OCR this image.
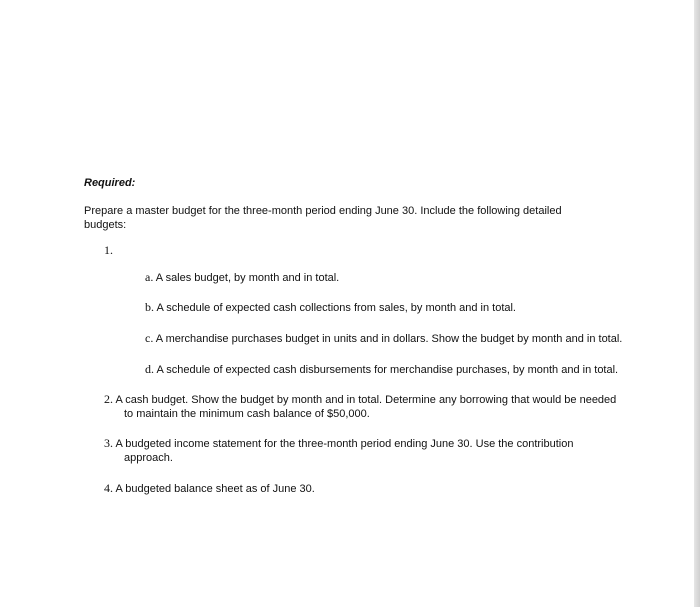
Required:

Prepare a master budget for the three-month period ending June 30. Include the following detailed budgets:

1.
a. A sales budget, by month and in total.
b. A schedule of expected cash collections from sales, by month and in total.
c. A merchandise purchases budget in units and in dollars. Show the budget by month and in total.
d. A schedule of expected cash disbursements for merchandise purchases, by month and in total.
2. A cash budget. Show the budget by month and in total. Determine any borrowing that would be needed to maintain the minimum cash balance of $50,000.
3. A budgeted income statement for the three-month period ending June 30. Use the contribution approach.
4. A budgeted balance sheet as of June 30.
